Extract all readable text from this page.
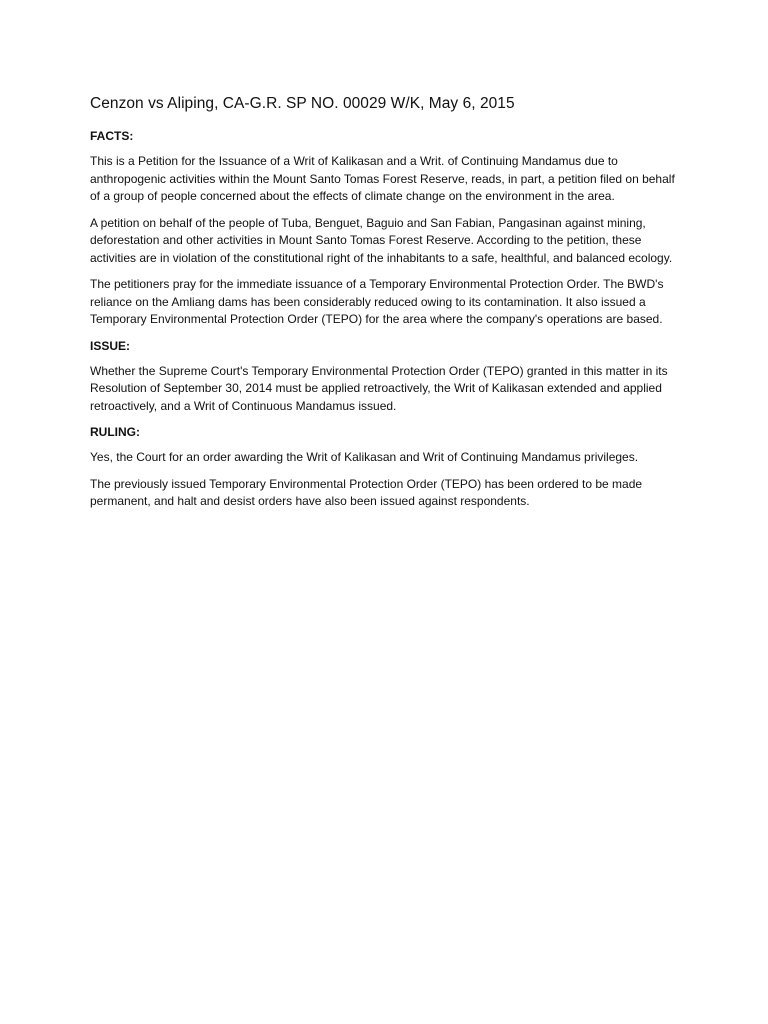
Cenzon vs Aliping, CA-G.R. SP NO. 00029 W/K, May 6, 2015
FACTS:

This is a Petition for the Issuance of a Writ of Kalikasan and a Writ. of Continuing Mandamus due to anthropogenic activities within the Mount Santo Tomas Forest Reserve, reads, in part, a petition filed on behalf of a group of people concerned about the effects of climate change on the environment in the area.

A petition on behalf of the people of Tuba, Benguet, Baguio and San Fabian, Pangasinan against mining, deforestation and other activities in Mount Santo Tomas Forest Reserve. According to the petition, these activities are in violation of the constitutional right of the inhabitants to a safe, healthful, and balanced ecology.

The petitioners pray for the immediate issuance of a Temporary Environmental Protection Order. The BWD's reliance on the Amliang dams has been considerably reduced owing to its contamination. It also issued a Temporary Environmental Protection Order (TEPO) for the area where the company's operations are based.

ISSUE:

Whether the Supreme Court's Temporary Environmental Protection Order (TEPO) granted in this matter in its Resolution of September 30, 2014 must be applied retroactively, the Writ of Kalikasan extended and applied retroactively, and a Writ of Continuous Mandamus issued.

RULING:

Yes, the Court for an order awarding the Writ of Kalikasan and Writ of Continuing Mandamus privileges.

The previously issued Temporary Environmental Protection Order (TEPO) has been ordered to be made permanent, and halt and desist orders have also been issued against respondents.
